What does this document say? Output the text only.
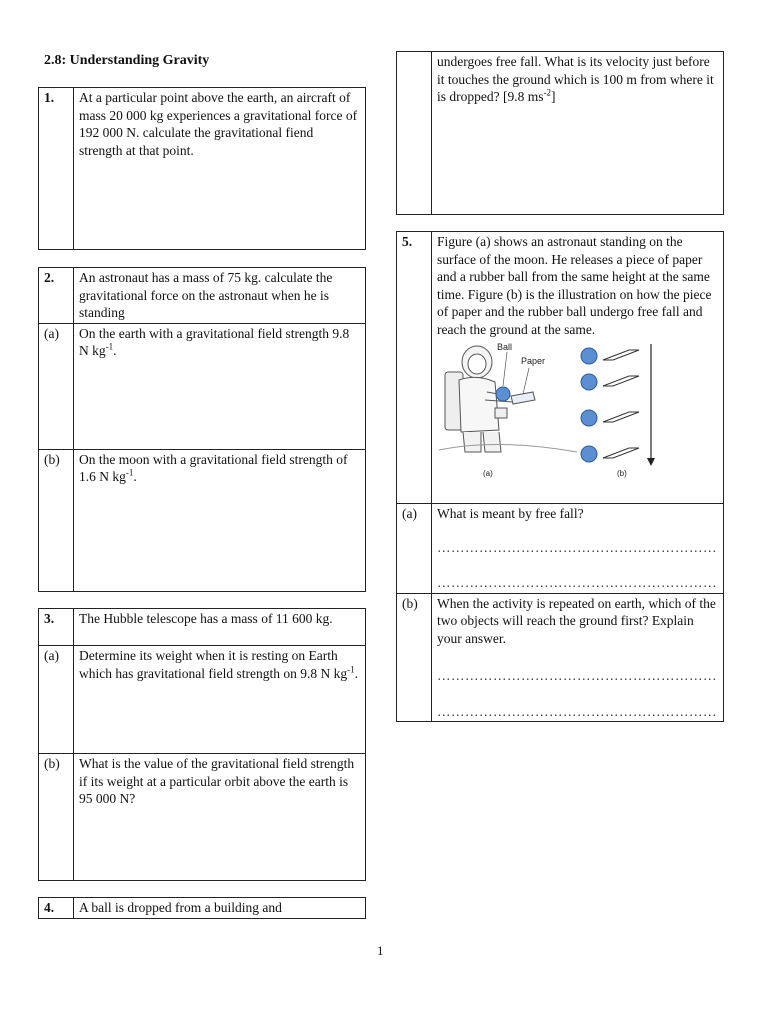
2.8: Understanding Gravity
1.	At a particular point above the earth, an aircraft of mass 20 000 kg experiences a gravitational force of 192 000 N. calculate the gravitational fiend strength at that point.
2.	An astronaut has a mass of 75 kg. calculate the gravitational force on the astronaut when he is standing
(a)	On the earth with a gravitational field strength 9.8 N $kg^{-1}$.
(b)	On the moon with a gravitational field strength of 1.6 N $kg^{-1}$.
3.	The Hubble telescope has a mass of 11 600 kg.
(a)	Determine its weight when it is resting on Earth which has gravitational field strength on 9.8 N $kg^{-1}$.
(b)	What is the value of the gravitational field strength if its weight at a particular orbit above the earth is 95 000 N?
4.	A ball is dropped from a building and
	undergoes free fall. What is its velocity just before it touches the ground which is 100 m from where it is dropped? [9.8 $ms^{-2}$]
5.	Figure (a) shows an astronaut standing on the surface of the moon. He releases a piece of paper and a rubber ball from the same height at the same time. Figure (b) is the illustration on how the piece of paper and the rubber ball undergo free fall and reach the ground at the same.
Ball
Paper
(a) (b)

(a)	What is meant by free fall?
……………………………………………………
……………………………………………………

(b)	When the activity is repeated on earth, which of the two objects will reach the ground first? Explain your answer.
……………………………………………………
……………………………………………………
1
